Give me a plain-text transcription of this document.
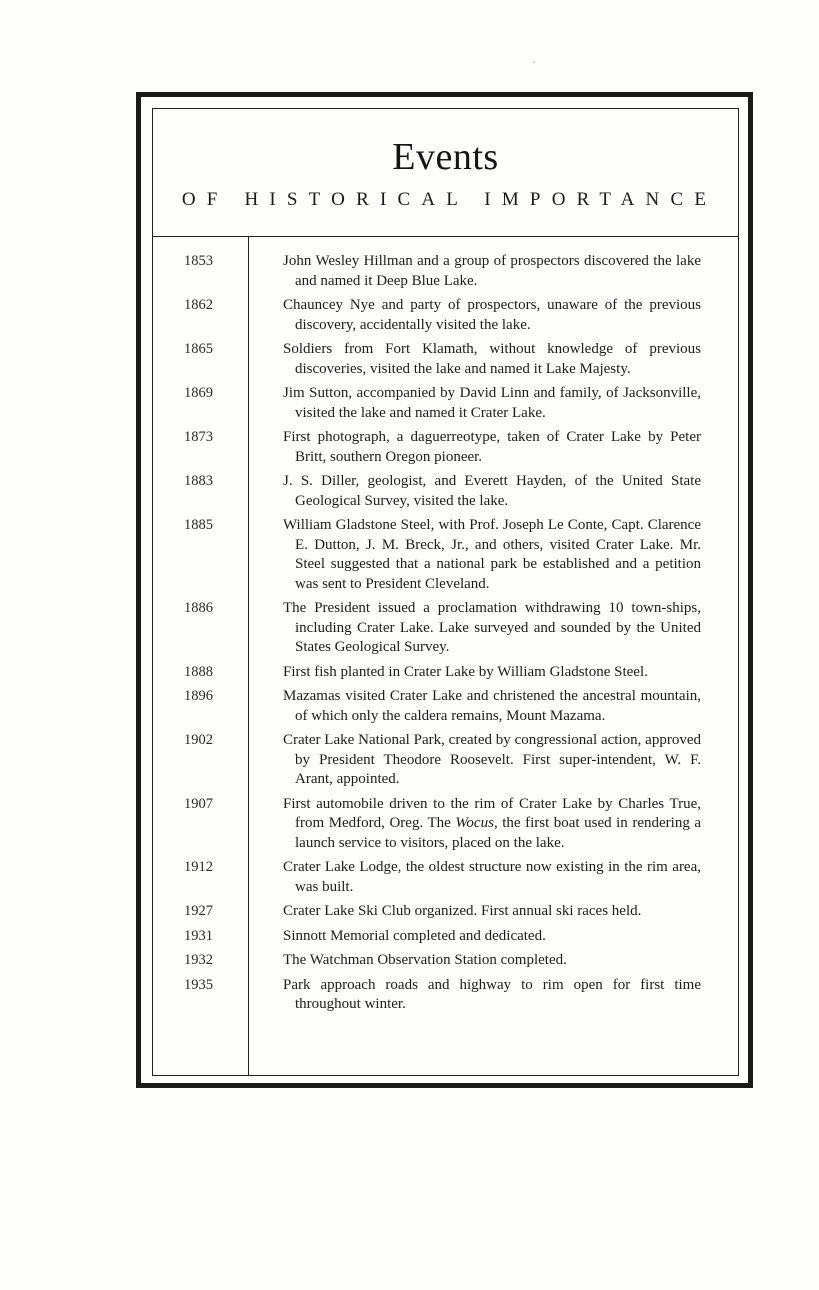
Events
OF HISTORICAL IMPORTANCE
1853	John Wesley Hillman and a group of prospectors discovered the lake and named it Deep Blue Lake.
1862	Chauncey Nye and party of prospectors, unaware of the previous discovery, accidentally visited the lake.
1865	Soldiers from Fort Klamath, without knowledge of previous discoveries, visited the lake and named it Lake Majesty.
1869	Jim Sutton, accompanied by David Linn and family, of Jacksonville, visited the lake and named it Crater Lake.
1873	First photograph, a daguerreotype, taken of Crater Lake by Peter Britt, southern Oregon pioneer.
1883	J. S. Diller, geologist, and Everett Hayden, of the United State Geological Survey, visited the lake.
1885	William Gladstone Steel, with Prof. Joseph Le Conte, Capt. Clarence E. Dutton, J. M. Breck, Jr., and others, visited Crater Lake. Mr. Steel suggested that a national park be established and a petition was sent to President Cleveland.
1886	The President issued a proclamation withdrawing 10 town-ships, including Crater Lake. Lake surveyed and sounded by the United States Geological Survey.
1888	First fish planted in Crater Lake by William Gladstone Steel.
1896	Mazamas visited Crater Lake and christened the ancestral mountain, of which only the caldera remains, Mount Mazama.
1902	Crater Lake National Park, created by congressional action, approved by President Theodore Roosevelt. First super-intendent, W. F. Arant, appointed.
1907	First automobile driven to the rim of Crater Lake by Charles True, from Medford, Oreg. The Wocus, the first boat used in rendering a launch service to visitors, placed on the lake.
1912	Crater Lake Lodge, the oldest structure now existing in the rim area, was built.
1927	Crater Lake Ski Club organized. First annual ski races held.
1931	Sinnott Memorial completed and dedicated.
1932	The Watchman Observation Station completed.
1935	Park approach roads and highway to rim open for first time throughout winter.
